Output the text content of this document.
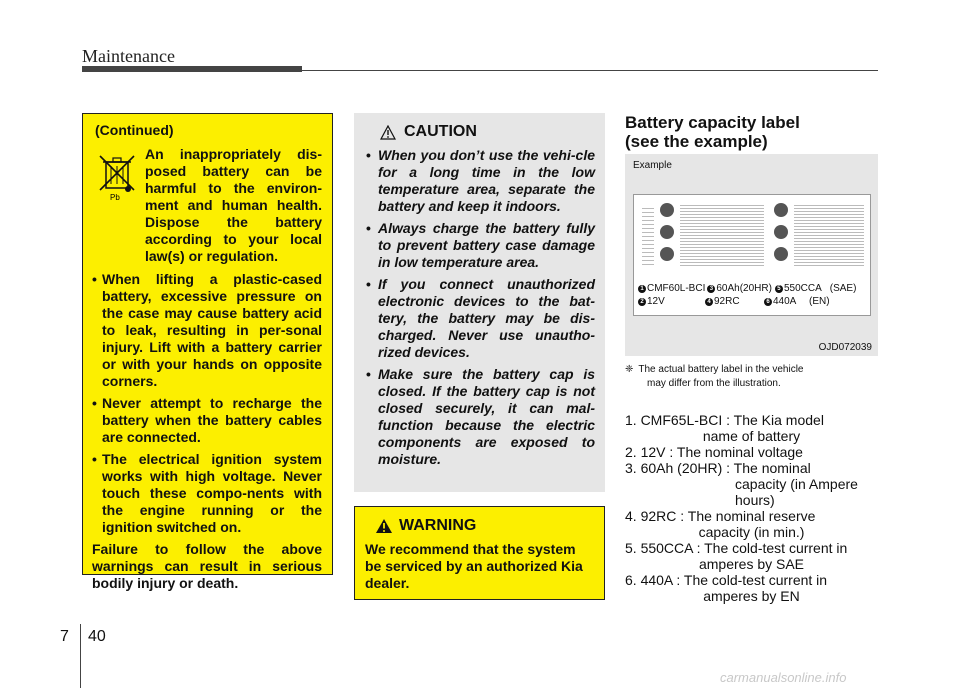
Maintenance
(Continued)
Pb
An inappropriately dis-posed battery can be harmful to the environ-ment and human health. Dispose the battery according to your local law(s) or regulation.
• When lifting a plastic-cased battery, excessive pressure on the case may cause battery acid to leak, resulting in per-sonal injury. Lift with a battery carrier or with your hands on opposite corners.
• Never attempt to recharge the battery when the battery cables are connected.
• The electrical ignition system works with high voltage. Never touch these compo-nents with the engine running or the ignition switched on.
Failure to follow the above warnings can result in serious bodily injury or death.
CAUTION
• When you don’t use the vehi-cle for a long time in the low temperature area, separate the battery and keep it indoors.
• Always charge the battery fully to prevent battery case damage in low temperature area.
• If you connect unauthorized electronic devices to the bat-tery, the battery may be dis-charged. Never use unautho-rized devices.
• Make sure the battery cap is closed. If the battery cap is not closed securely, it can mal-function because the electric components are exposed to moisture.
WARNING
We recommend that the system be serviced by an authorized Kia dealer.
Battery capacity label
(see the example)
Example
1 CMF60L-BCI 3 60Ah(20HR) 5 550CCA (SAE)
2 12V	4 92RC	6 440A	(EN)
OJD072039
❈ The actual battery label in the vehicle
may differ from the illustration.
1. CMF65L-BCI : The Kia model
name of battery
2. 12V : The nominal voltage
3. 60Ah (20HR) : The nominal
capacity (in Ampere hours)
4. 92RC : The nominal reserve
capacity (in min.)
5. 550CCA : The cold-test current in
amperes by SAE
6. 440A : The cold-test current in
amperes by EN
7 40
carmanualsonline.info
